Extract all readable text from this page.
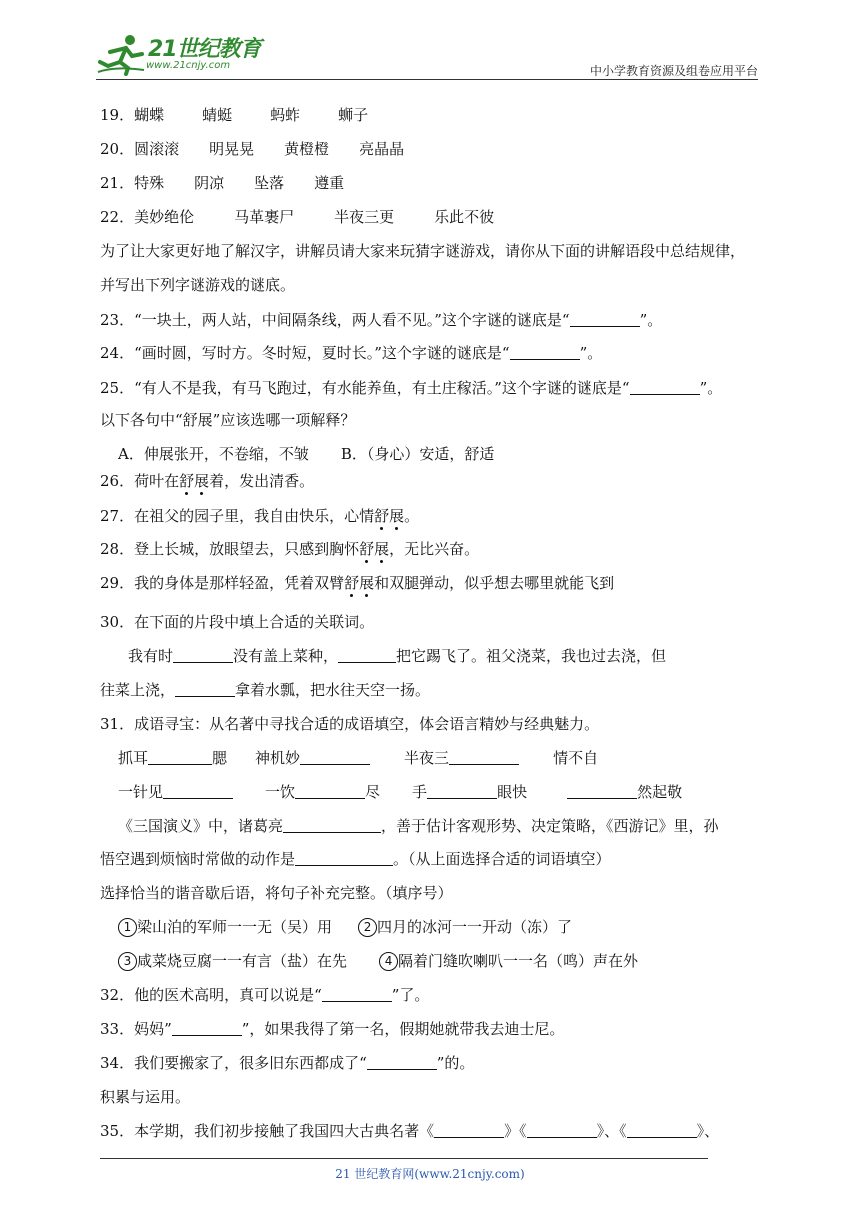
21世纪教育
www.21cnjy.com	中小学教育资源及组卷应用平台
19．蝴蝶	蜻蜓	蚂蚱	蛳子
20．圆滚滚 明晃晃 黄橙橙 亮晶晶
21．特殊 阴凉 坠落 遵重
22．美妙绝伦	马革裹尸	半夜三更	乐此不彼
为了让大家更好地了解汉字，讲解员请大家来玩猜字谜游戏，请你从下面的讲解语段中总结规律，
并写出下列字谜游戏的谜底。
23．“一块土，两人站，中间隔条线，两人看不见。”这个字谜的谜底是“	”。
24．“画时圆，写时方。冬时短，夏时长。”这个字谜的谜底是“	”。
25．“有人不是我，有马飞跑过，有水能养鱼，有土庄稼活。”这个字谜的谜底是“	”。
以下各句中“舒展”应该选哪一项解释？
A．伸展张开，不卷缩，不皱 B．（身心）安适，舒适
26．荷叶在舒展着，发出清香。
27．在祖父的园子里，我自由快乐，心情舒展。
28．登上长城，放眼望去，只感到胸怀舒展，无比兴奋。
29．我的身体是那样轻盈，凭着双臂舒展和双腿弹动，似乎想去哪里就能飞到
30．在下面的片段中填上合适的关联词。
我有时	没有盖上菜种，	把它踢飞了。祖父浇菜，我也过去浇，但
往菜上浇，	拿着水瓢，把水往天空一扬。
31．成语寻宝：从名著中寻找合适的成语填空，体会语言精妙与经典魅力。
抓耳	腮 神机妙	半夜三	情不自
一针见	一饮	尽 手	眼快	然起敬
《三国演义》中，诸葛亮	，善于估计客观形势、决定策略，《西游记》里，孙
悟空遇到烦恼时常做的动作是	。（从上面选择合适的词语填空）
选择恰当的谐音歇后语，将句子补充完整。（填序号）
1 梁山泊的军师一一无（吴）用	2 四月的冰河一一开动（冻）了
3 咸菜烧豆腐一一有言（盐）在先	4 隔着门缝吹喇叭一一名（鸣）声在外
32．他的医术高明，真可以说是“	”了。
33．妈妈”	”，如果我得了第一名，假期她就带我去迪士尼。
34．我们要搬家了，很多旧东西都成了“	”的。
积累与运用。
35．本学期，我们初步接触了我国四大古典名著《	》《	》、《	》、
21 世纪教育网(www.21cnjy.com)
